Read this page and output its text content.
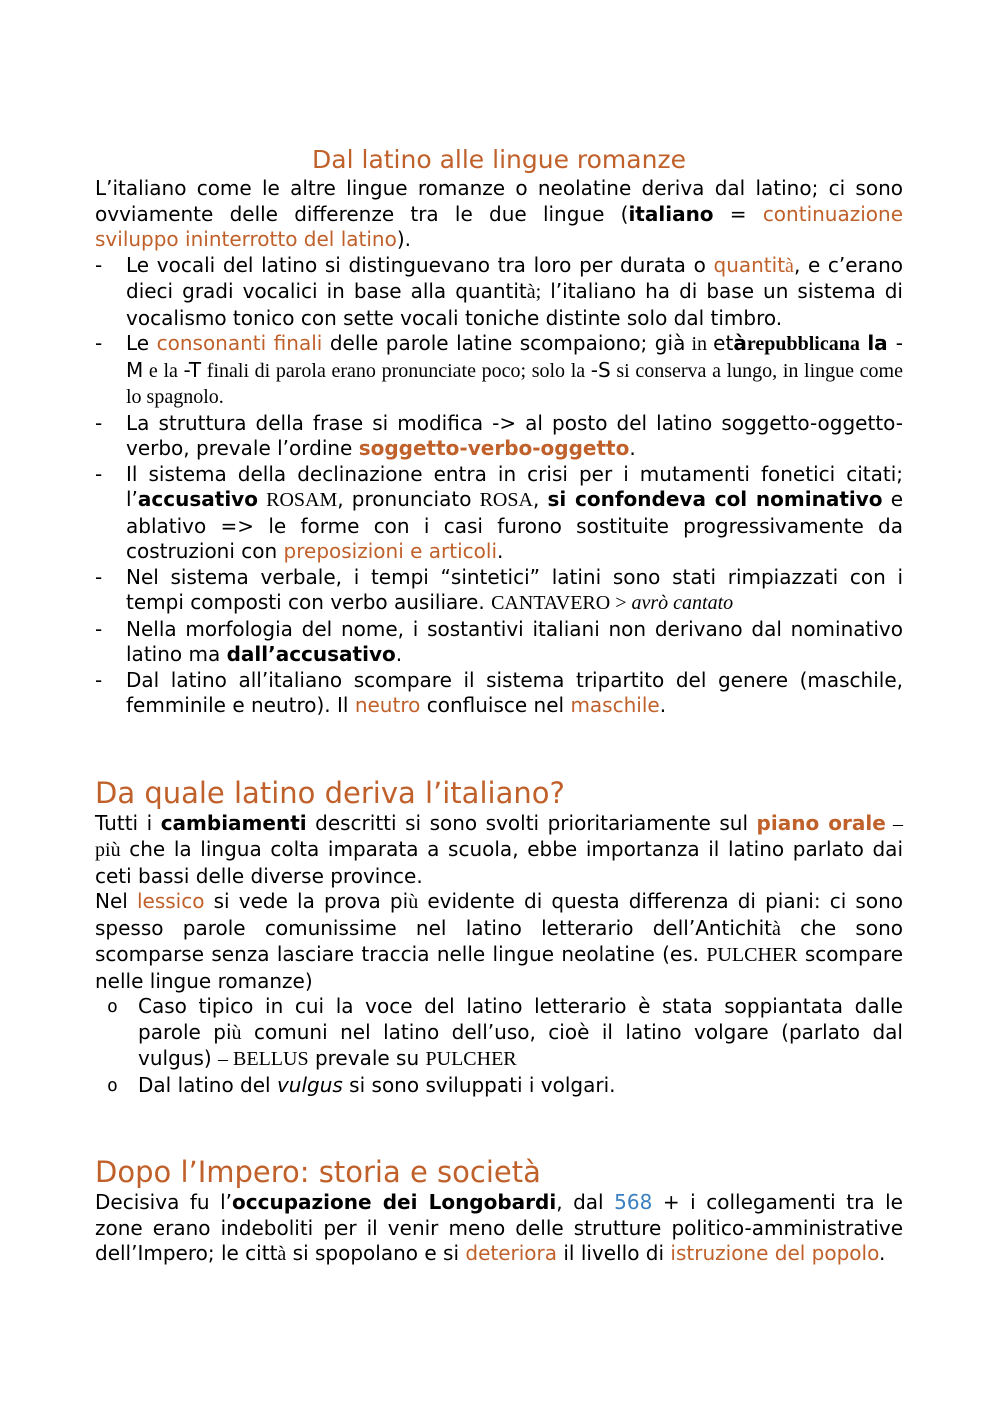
Dal latino alle lingue romanze

L’italiano come le altre lingue romanze o neolatine deriva dal latino; ci sono ovviamente delle differenze tra le due lingue (italiano = continuazione sviluppo ininterrotto del latino).

- Le vocali del latino si distinguevano tra loro per durata o quantità, e c’erano dieci gradi vocalici in base alla quantità; l’italiano ha di base un sistema di vocalismo tonico con sette vocali toniche distinte solo dal timbro.
- Le consonanti finali delle parole latine scompaiono; già in etàrepubblicana la -M e la -T finali di parola erano pronunciate poco; solo la -S si conserva a lungo, in lingue come lo spagnolo.
- La struttura della frase si modifica -> al posto del latino soggetto-oggetto-verbo, prevale l’ordine soggetto-verbo-oggetto.
- Il sistema della declinazione entra in crisi per i mutamenti fonetici citati; l’accusativo ROSAM, pronunciato ROSA, si confondeva col nominativo e ablativo => le forme con i casi furono sostituite progressivamente da costruzioni con preposizioni e articoli.
- Nel sistema verbale, i tempi “sintetici” latini sono stati rimpiazzati con i tempi composti con verbo ausiliare. CANTAVERO > avrò cantato
- Nella morfologia del nome, i sostantivi italiani non derivano dal nominativo latino ma dall’accusativo.
- Dal latino all’italiano scompare il sistema tripartito del genere (maschile, femminile e neutro). Il neutro confluisce nel maschile.
Da quale latino deriva l’italiano?

Tutti i cambiamenti descritti si sono svolti prioritariamente sul piano orale – più che la lingua colta imparata a scuola, ebbe importanza il latino parlato dai ceti bassi delle diverse province.

Nel lessico si vede la prova più evidente di questa differenza di piani: ci sono spesso parole comunissime nel latino letterario dell’Antichità che sono scomparse senza lasciare traccia nelle lingue neolatine (es. PULCHER scompare nelle lingue romanze)

o Caso tipico in cui la voce del latino letterario è stata soppiantata dalle parole più comuni nel latino dell’uso, cioè il latino volgare (parlato dal vulgus) – BELLUS prevale su PULCHER
o Dal latino del vulgus si sono sviluppati i volgari.
Dopo l’Impero: storia e società

Decisiva fu l’occupazione dei Longobardi, dal 568 + i collegamenti tra le zone erano indeboliti per il venir meno delle strutture politico-amministrative dell’Impero; le città si spopolano e si deteriora il livello di istruzione del popolo.
